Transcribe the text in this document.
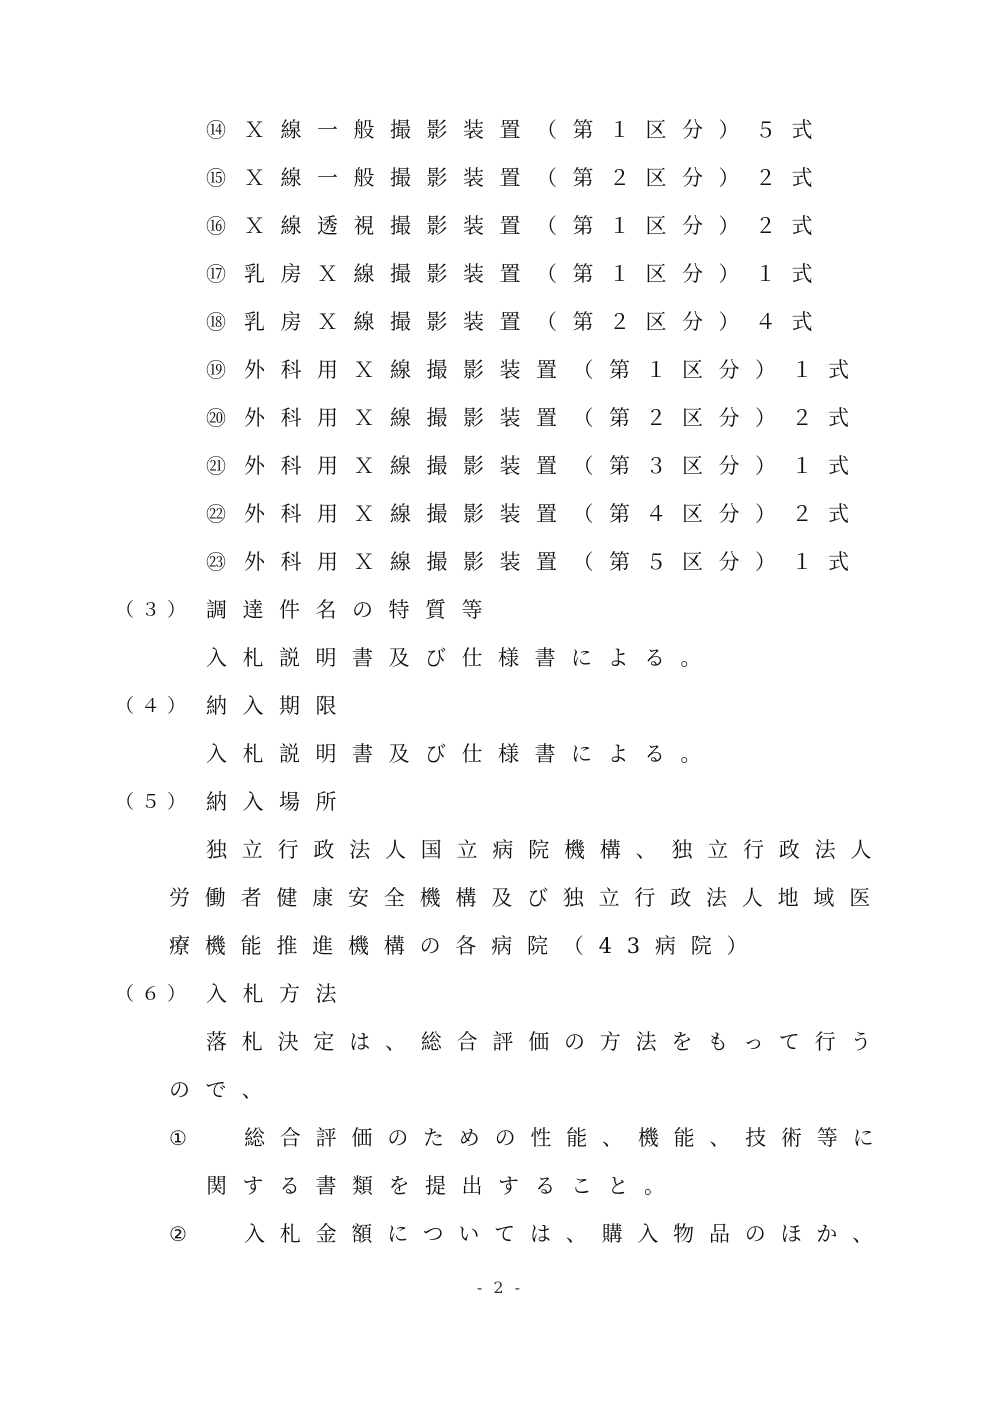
⑭ Ｘ線一般撮影装置（第１区分）５式
⑮ Ｘ線一般撮影装置（第２区分）２式
⑯ Ｘ線透視撮影装置（第１区分）２式
⑰ 乳房Ｘ線撮影装置（第１区分）１式
⑱ 乳房Ｘ線撮影装置（第２区分）４式
⑲ 外科用Ｘ線撮影装置（第１区分）１式
⑳ 外科用Ｘ線撮影装置（第２区分）２式
㉑ 外科用Ｘ線撮影装置（第３区分）１式
㉒ 外科用Ｘ線撮影装置（第４区分）２式
㉓ 外科用Ｘ線撮影装置（第５区分）１式
（３） 調達件名の特質等
入札説明書及び仕様書による。
（４） 納入期限
入札説明書及び仕様書による。
（５） 納入場所
独立行政法人国立病院機構、独立行政法人
労働者健康安全機構及び独立行政法人地域医
療機能推進機構の各病院（43病院）
（６） 入札方法
落札決定は、総合評価の方法をもって行う
ので、
①	総合評価のための性能、機能、技術等に
関する書類を提出すること。
②	入札金額については、購入物品のほか、
- 2 -
